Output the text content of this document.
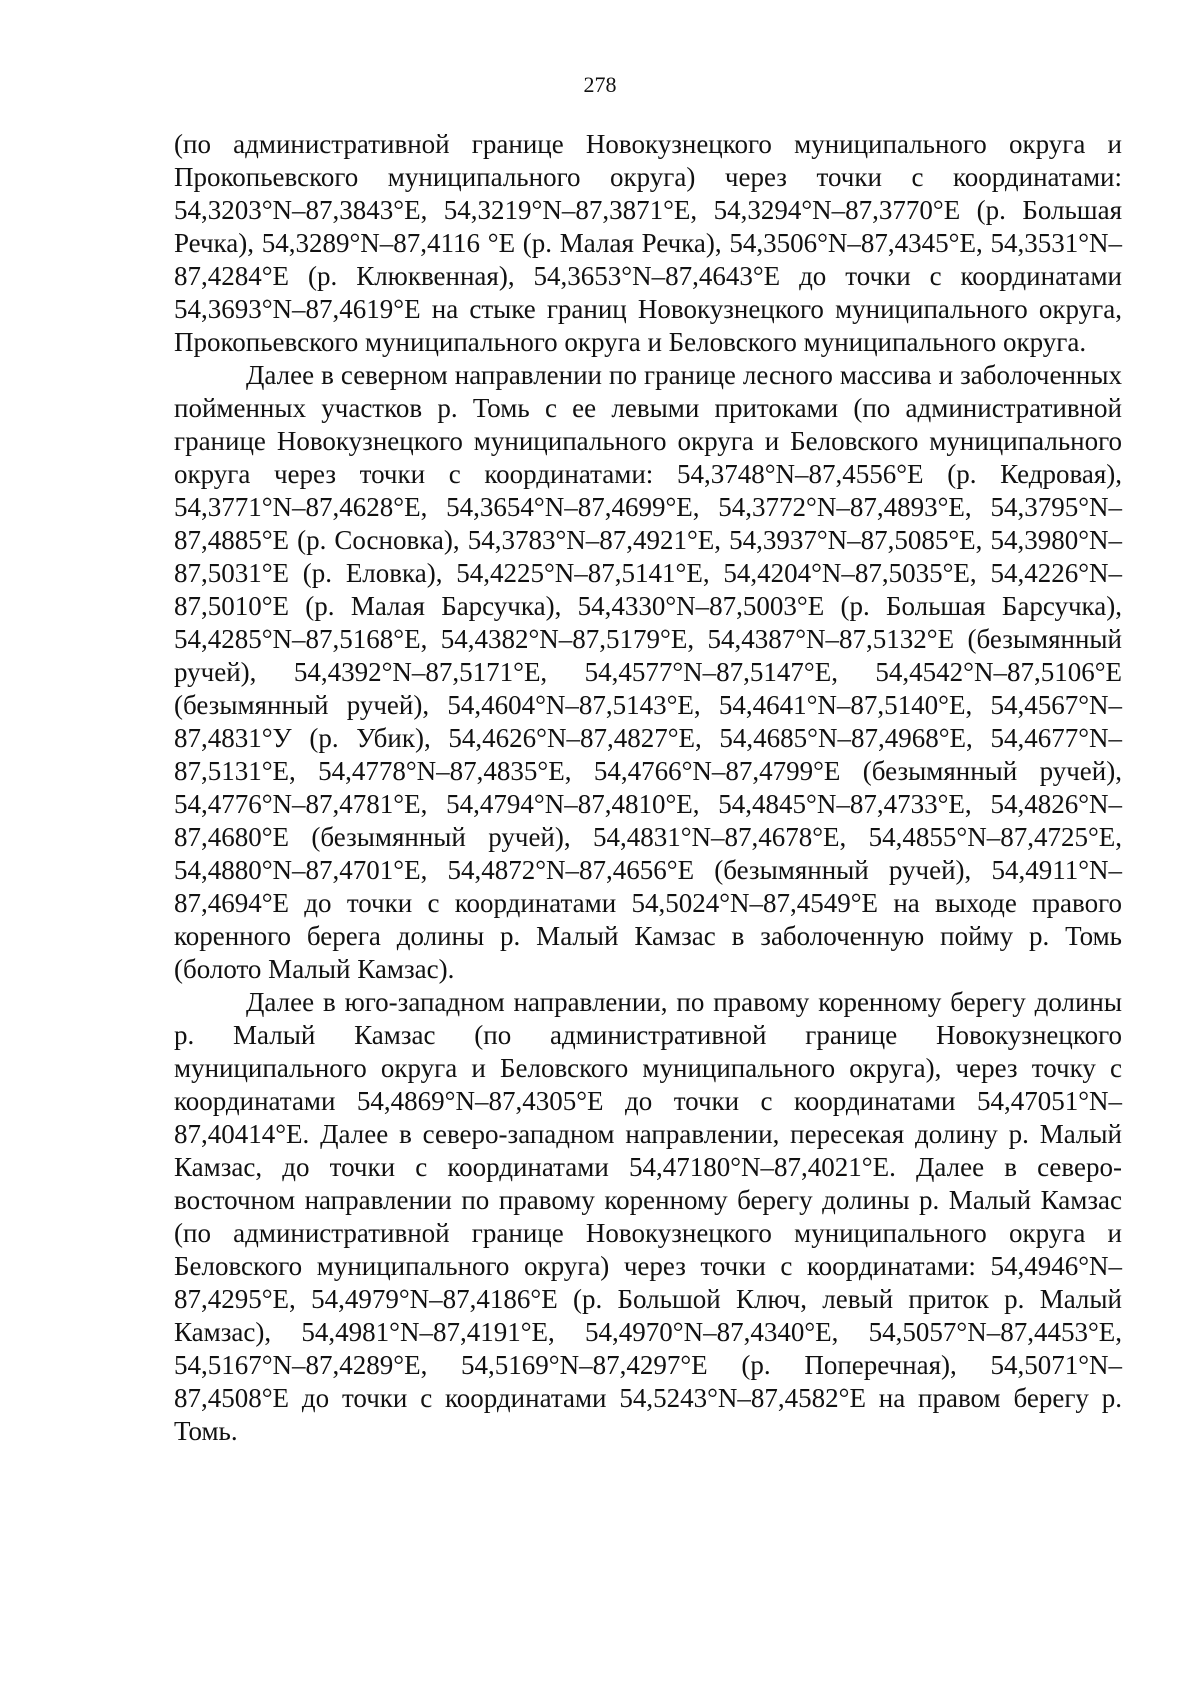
278

(по административной границе Новокузнецкого муниципального округа и Прокопьевского муниципального округа) через точки с координатами: 54,3203°N–87,3843°E, 54,3219°N–87,3871°E, 54,3294°N–87,3770°E (р. Большая Речка), 54,3289°N–87,4116 °E (р. Малая Речка), 54,3506°N–87,4345°E, 54,3531°N–87,4284°E (р. Клюквенная), 54,3653°N–87,4643°E до точки с координатами 54,3693°N–87,4619°E на стыке границ Новокузнецкого муниципального округа, Прокопьевского муниципального округа и Беловского муниципального округа.

Далее в северном направлении по границе лесного массива и заболоченных пойменных участков р. Томь с ее левыми притоками (по административной границе Новокузнецкого муниципального округа и Беловского муниципального округа через точки с координатами: 54,3748°N–87,4556°E (р. Кедровая), 54,3771°N–87,4628°E, 54,3654°N–87,4699°E, 54,3772°N–87,4893°E, 54,3795°N–87,4885°E (р. Сосновка), 54,3783°N–87,4921°E, 54,3937°N–87,5085°E, 54,3980°N–87,5031°E (р. Еловка), 54,4225°N–87,5141°E, 54,4204°N–87,5035°E, 54,4226°N–87,5010°E (р. Малая Барсучка), 54,4330°N–87,5003°E (р. Большая Барсучка), 54,4285°N–87,5168°E, 54,4382°N–87,5179°E, 54,4387°N–87,5132°E (безымянный ручей), 54,4392°N–87,5171°E, 54,4577°N–87,5147°E, 54,4542°N–87,5106°E (безымянный ручей), 54,4604°N–87,5143°E, 54,4641°N–87,5140°E, 54,4567°N–87,4831°У (р. Убик), 54,4626°N–87,4827°E, 54,4685°N–87,4968°E, 54,4677°N–87,5131°E, 54,4778°N–87,4835°E, 54,4766°N–87,4799°E (безымянный ручей), 54,4776°N–87,4781°E, 54,4794°N–87,4810°E, 54,4845°N–87,4733°E, 54,4826°N–87,4680°E (безымянный ручей), 54,4831°N–87,4678°E, 54,4855°N–87,4725°E, 54,4880°N–87,4701°E, 54,4872°N–87,4656°E (безымянный ручей), 54,4911°N–87,4694°E до точки с координатами 54,5024°N–87,4549°E на выходе правого коренного берега долины р. Малый Камзас в заболоченную пойму р. Томь (болото Малый Камзас).

Далее в юго-западном направлении, по правому коренному берегу долины р. Малый Камзас (по административной границе Новокузнецкого муниципального округа и Беловского муниципального округа), через точку с координатами 54,4869°N–87,4305°E до точки с координатами 54,47051°N–87,40414°E. Далее в северо-западном направлении, пересекая долину р. Малый Камзас, до точки с координатами 54,47180°N–87,4021°E. Далее в северо-восточном направлении по правому коренному берегу долины р. Малый Камзас (по административной границе Новокузнецкого муниципального округа и Беловского муниципального округа) через точки с координатами: 54,4946°N–87,4295°E, 54,4979°N–87,4186°E (р. Большой Ключ, левый приток р. Малый Камзас), 54,4981°N–87,4191°E, 54,4970°N–87,4340°E, 54,5057°N–87,4453°E, 54,5167°N–87,4289°E, 54,5169°N–87,4297°E (р. Поперечная), 54,5071°N–87,4508°E до точки с координатами 54,5243°N–87,4582°E на правом берегу р. Томь.
